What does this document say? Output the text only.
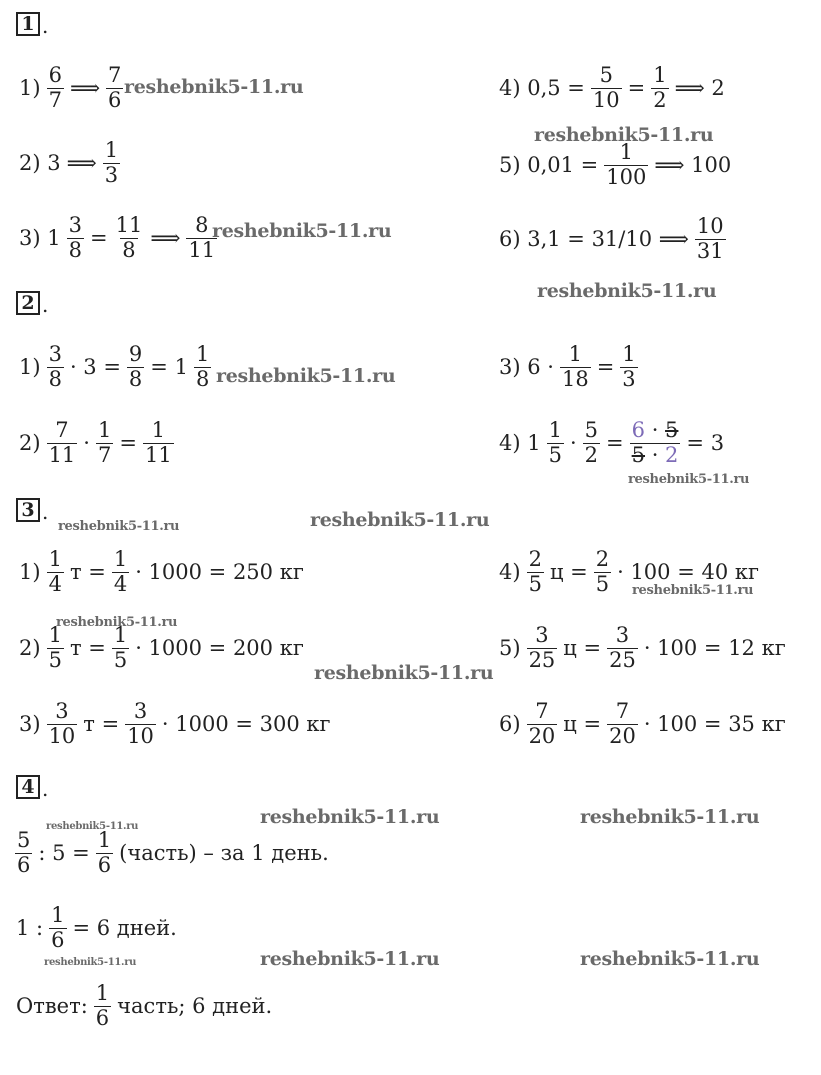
1 .
2 .
3 .
4 .
$1) \frac{6}{7}$ ⟹ $\frac{7}{6}$
2) 3 ⟹ $\frac{1}{3}$
3) $1 \frac{3}{8} = \frac{11}{8}$ ⟹ $\frac{8}{11}$
4) $0,5 = \frac{5}{10} = \frac{1}{2}$ ⟹ 2
5) $0,01 = \frac{1}{100}$ ⟹ 100
6) 3,1 = 31/10 ⟹ $\frac{10}{31}$
$1) \frac{3}{8} \cdot 3 = \frac{9}{8} = 1 \frac{1}{8}$
$2) \frac{7}{11} \cdot \frac{1}{7} = \frac{1}{11}$
3) $6 \cdot \frac{1}{18} = \frac{1}{3}$
4) $1 \frac{1}{5} \cdot \frac{5}{2} = \frac{6 \cdot 5}{5 \cdot 2} = 3$
$1) \frac{1}{4}$ $т = \frac{1}{4} \cdot 1000 = 250$ кг
$2) \frac{1}{5}$ $т = \frac{1}{5} \cdot 1000 = 200$ кг
$3) \frac{3}{10}$ $т = \frac{3}{10} \cdot 1000 = 300$ кг
$4) \frac{2}{5}$ $ц = \frac{2}{5} \cdot 100 = 40$ кг
$5) \frac{3}{25}$ $ц = \frac{3}{25} \cdot 100 = 12$ кг
$6) \frac{7}{20}$ $ц = \frac{7}{20} \cdot 100 = 35$ кг
$\frac{5}{6}$ : $5 = \frac{1}{6}$ (часть) – за 1 день.
1 : $\frac{1}{6} = 6$ дней.
Ответ: $\frac{1}{6}$ часть; 6 дней.
reshebnik5-11.ru
reshebnik5-11.ru
reshebnik5-11.ru
reshebnik5-11.ru
reshebnik5-11.ru
reshebnik5-11.ru
reshebnik5-11.ru
reshebnik5-11.ru
reshebnik5-11.ru
reshebnik5-11.ru
reshebnik5-11.ru
reshebnik5-11.ru	reshebnik5-11.ru
reshebnik5-11.ru
reshebnik5-11.ru	reshebnik5-11.ru
reshebnik5-11.ru
